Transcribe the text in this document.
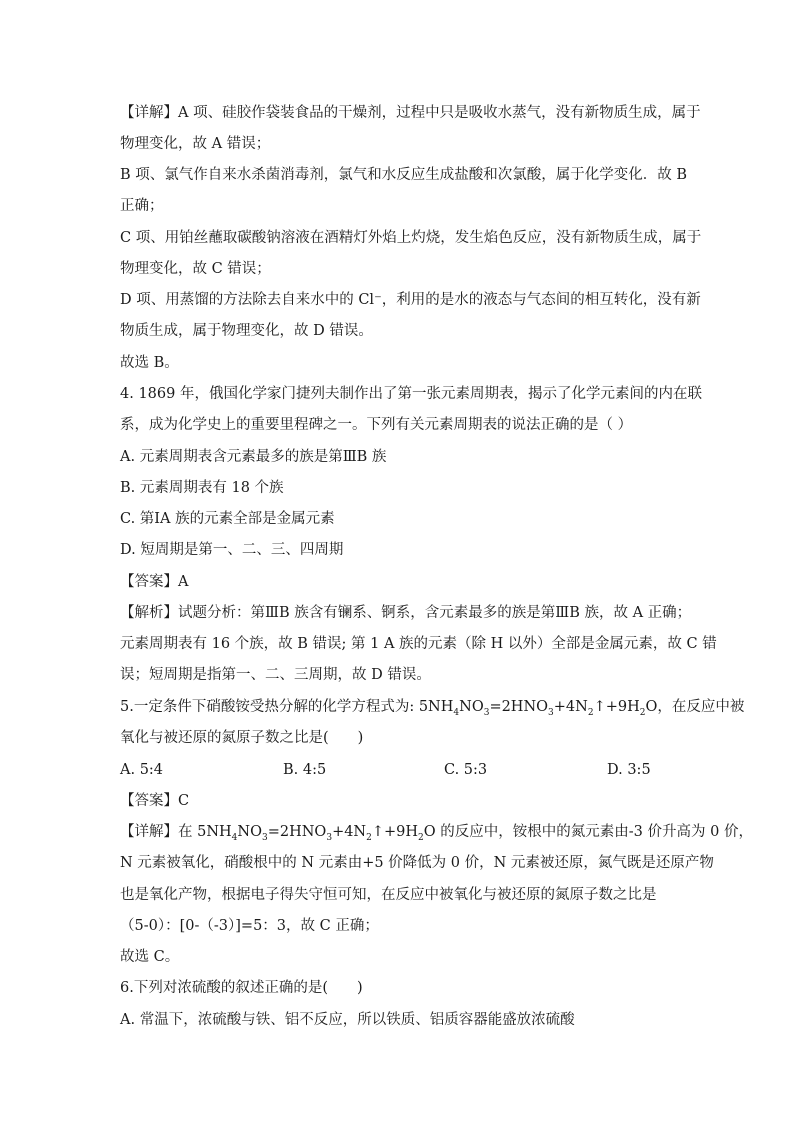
【详解】A 项、硅胶作袋装食品的干燥剂，过程中只是吸收水蒸气，没有新物质生成，属于
物理变化，故 A 错误；
B 项、氯气作自来水杀菌消毒剂，氯气和水反应生成盐酸和次氯酸，属于化学变化．故 B
正确；
C 项、用铂丝蘸取碳酸钠溶液在酒精灯外焰上灼烧，发生焰色反应，没有新物质生成，属于
物理变化，故 C 错误；
D 项、用蒸馏的方法除去自来水中的 Cl⁻，利用的是水的液态与气态间的相互转化，没有新
物质生成，属于物理变化，故 D 错误。
故选 B。
4. 1869 年，俄国化学家门捷列夫制作出了第一张元素周期表，揭示了化学元素间的内在联
系，成为化学史上的重要里程碑之一。下列有关元素周期表的说法正确的是（ ）
A. 元素周期表含元素最多的族是第ⅢB 族
B. 元素周期表有 18 个族
C. 第ⅠA 族的元素全部是金属元素
D. 短周期是第一、二、三、四周期
【答案】A
【解析】试题分析：第ⅢB 族含有镧系、锕系，含元素最多的族是第ⅢB 族，故 A 正确；
元素周期表有 16 个族，故 B 错误; 第 1 A 族的元素（除 H 以外）全部是金属元素，故 C 错
误；短周期是指第一、二、三周期，故 D 错误。
5.一定条件下硝酸铵受热分解的化学方程式为: $5NH_4NO_3=2HNO_3+4N_2↑+9H_2O$，在反应中被
氧化与被还原的氮原子数之比是(　　)
A. 5:4	B. 4:5	C. 5:3	D. 3:5
【答案】C
【详解】在 $5NH_4NO_3=2HNO_3+4N_2↑+9H_2O$ 的反应中，铵根中的氮元素由-3 价升高为 0 价，
N 元素被氧化，硝酸根中的 N 元素由+5 价降低为 0 价，N 元素被还原，氮气既是还原产物
也是氧化产物，根据电子得失守恒可知，在反应中被氧化与被还原的氮原子数之比是
（5-0）：[0-（-3）]=5：3，故 C 正确；
故选 C。
6.下列对浓硫酸的叙述正确的是(　　)
A. 常温下，浓硫酸与铁、铝不反应，所以铁质、铝质容器能盛放浓硫酸
